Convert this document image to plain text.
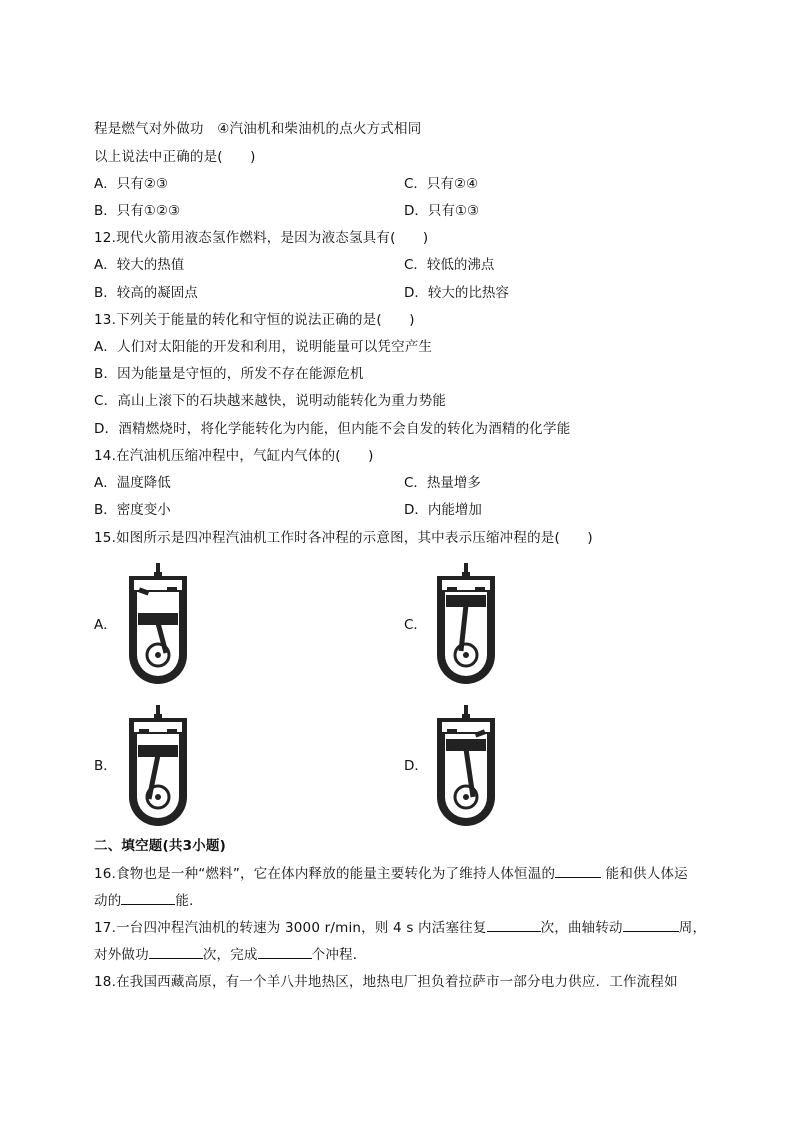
程是燃气对外做功　④汽油机和柴油机的点火方式相同
以上说法中正确的是(　　)
A．只有②③	C．只有②④
B．只有①②③	D．只有①③
12.现代火箭用液态氢作燃料，是因为液态氢具有(　　)
A．较大的热值	C．较低的沸点
B．较高的凝固点	D．较大的比热容
13.下列关于能量的转化和守恒的说法正确的是(　　)
A．人们对太阳能的开发和利用，说明能量可以凭空产生
B．因为能量是守恒的，所发不存在能源危机
C．高山上滚下的石块越来越快，说明动能转化为重力势能
D．酒精燃烧时，将化学能转化为内能，但内能不会自发的转化为酒精的化学能
14.在汽油机压缩冲程中，气缸内气体的(　　)
A．温度降低	C．热量增多
B．密度变小	D．内能增加
15.如图所示是四冲程汽油机工作时各冲程的示意图，其中表示压缩冲程的是(　　)
A．	C．
B．	D．
二、填空题(共3小题)
16.食物也是一种“燃料”，它在体内释放的能量主要转化为了维持人体恒温的	能和供人体运
动的	能．
17.一台四冲程汽油机的转速为 3000 r/min，则 4 s 内活塞往复	次，曲轴转动	周，
对外做功	次，完成	个冲程．
18.在我国西藏高原，有一个羊八井地热区，地热电厂担负着拉萨市一部分电力供应．工作流程如
